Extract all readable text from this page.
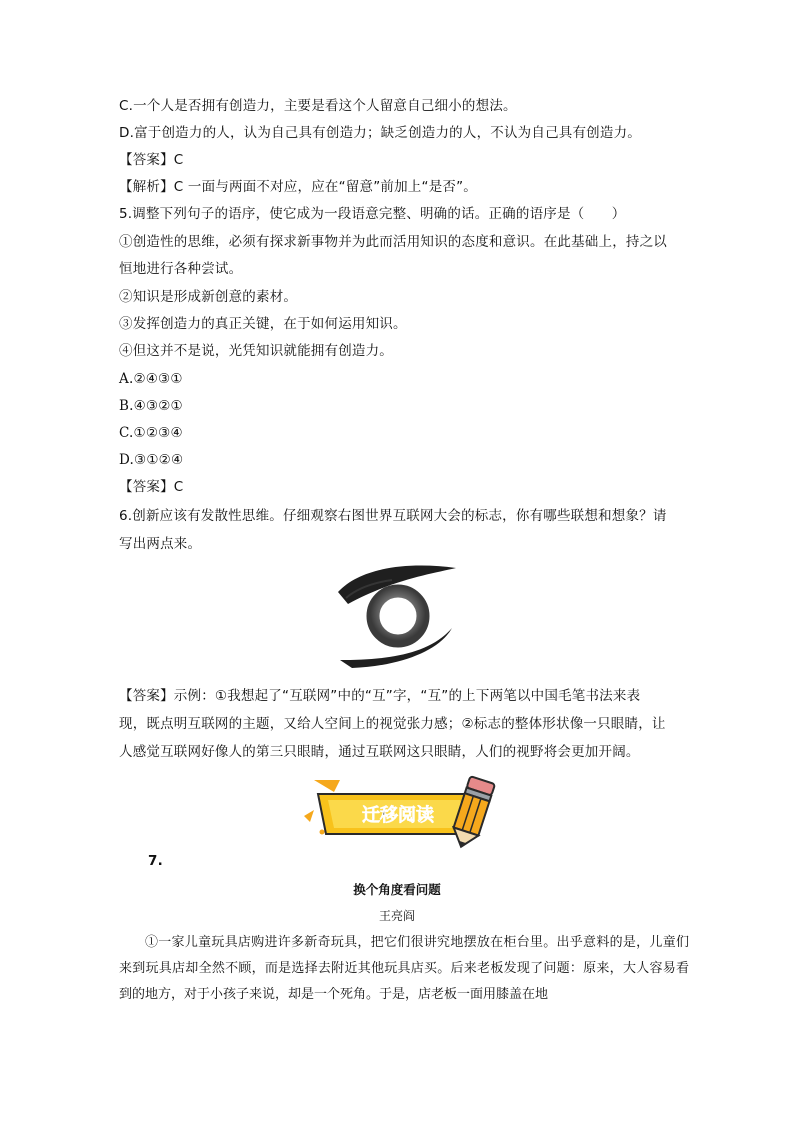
C.一个人是否拥有创造力，主要是看这个人留意自己细小的想法。
D.富于创造力的人，认为自己具有创造力；缺乏创造力的人，不认为自己具有创造力。
【答案】C
【解析】C 一面与两面不对应，应在“留意”前加上“是否”。
5.调整下列句子的语序，使它成为一段语意完整、明确的话。正确的语序是（　　）
①创造性的思维，必须有探求新事物并为此而活用知识的态度和意识。在此基础上，持之以
恒地进行各种尝试。
②知识是形成新创意的素材。
③发挥创造力的真正关键，在于如何运用知识。
④但这并不是说，光凭知识就能拥有创造力。
A.②④③①
B.④③②①
C.①②③④
D.③①②④
【答案】C
6.创新应该有发散性思维。仔细观察右图世界互联网大会的标志，你有哪些联想和想象？请
写出两点来。
【答案】示例：①我想起了“互联网”中的“互”字，“互”的上下两笔以中国毛笔书法来表
现，既点明互联网的主题，又给人空间上的视觉张力感；②标志的整体形状像一只眼睛，让
人感觉互联网好像人的第三只眼睛，通过互联网这只眼睛，人们的视野将会更加开阔。
迁移阅读
7.
换个角度看问题
王亮阎
①一家儿童玩具店购进许多新奇玩具，把它们很讲究地摆放在柜台里。出乎意料的是，儿童们来到玩具店却全然不顾，而是选择去附近其他玩具店买。后来老板发现了问题：原来，大人容易看到的地方，对于小孩子来说，却是一个死角。于是，店老板一面用膝盖在地
